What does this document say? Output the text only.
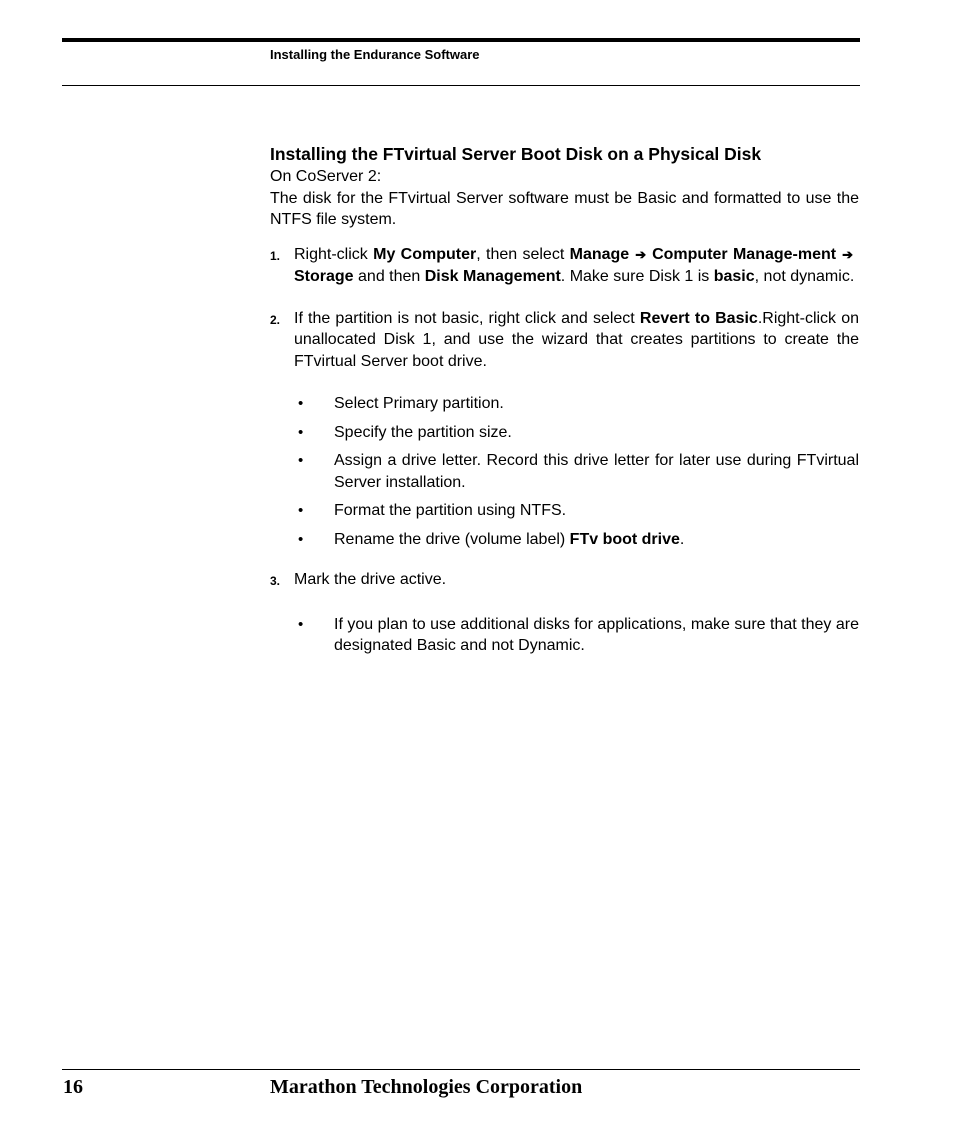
Installing the Endurance Software
Installing the FTvirtual Server Boot Disk on a Physical Disk

On CoServer 2:

The disk for the FTvirtual Server software must be Basic and formatted to use the NTFS file system.

1. Right-click My Computer, then select Manage ➔ Computer Manage-ment ➔Storage and then Disk Management. Make sure Disk 1 is basic, not dynamic.
2. If the partition is not basic, right click and select Revert to Basic.Right-click on unallocated Disk 1, and use the wizard that creates partitions to create the FTvirtual Server boot drive.
• Select Primary partition.
• Specify the partition size.
• Assign a drive letter. Record this drive letter for later use during FTvirtual Server installation.
• Format the partition using NTFS.
• Rename the drive (volume label) FTv boot drive.
3. Mark the drive active.
• If you plan to use additional disks for applications, make sure that they are designated Basic and not Dynamic.
16	Marathon Technologies Corporation
